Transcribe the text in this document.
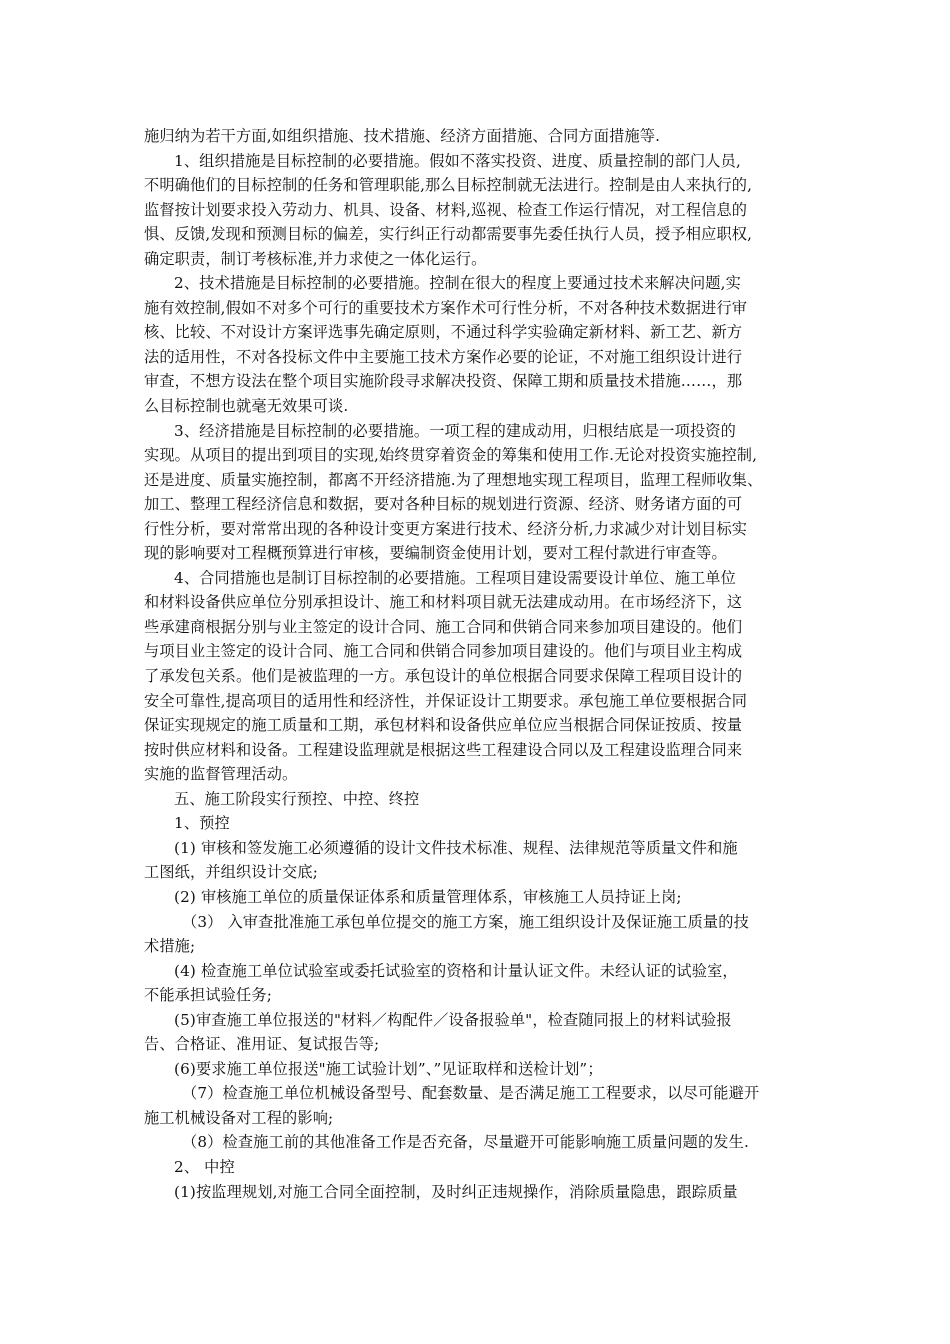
施归纳为若干方面,如组织措施、技术措施、经济方面措施、合同方面措施等.
1、组织措施是目标控制的必要措施。假如不落实投资、进度、质量控制的部门人员,
不明确他们的目标控制的任务和管理职能,那么目标控制就无法进行。控制是由人来执行的,
监督按计划要求投入劳动力、机具、设备、材料,巡视、检查工作运行情况，对工程信息的
惧、反馈,发现和预测目标的偏差，实行纠正行动都需要事先委任执行人员，授予相应职权,
确定职责，制订考核标准,并力求使之一体化运行。
2、技术措施是目标控制的必要措施。控制在很大的程度上要通过技术来解决问题,实
施有效控制,假如不对多个可行的重要技术方案作术可行性分析，不对各种技术数据进行审
核、比较、不对设计方案评选事先确定原则，不通过科学实验确定新材料、新工艺、新方
法的适用性，不对各投标文件中主要施工技术方案作必要的论证，不对施工组织设计进行
审查，不想方设法在整个项目实施阶段寻求解决投资、保障工期和质量技术措施……，那
么目标控制也就毫无效果可谈.
3、经济措施是目标控制的必要措施。一项工程的建成动用，归根结底是一项投资的
实现。从项目的提出到项目的实现,始终贯穿着资金的筹集和使用工作.无论对投资实施控制,
还是进度、质量实施控制，都离不开经济措施.为了理想地实现工程项目，监理工程师收集、
加工、整理工程经济信息和数据，要对各种目标的规划进行资源、经济、财务诸方面的可
行性分析，要对常常出现的各种设计变更方案进行技术、经济分析,力求减少对计划目标实
现的影响要对工程概预算进行审核，要编制资金使用计划，要对工程付款进行审查等。
4、合同措施也是制订目标控制的必要措施。工程项目建设需要设计单位、施工单位
和材料设备供应单位分别承担设计、施工和材料项目就无法建成动用。在市场经济下，这
些承建商根据分别与业主签定的设计合同、施工合同和供销合同来参加项目建设的。他们
与项目业主签定的设计合同、施工合同和供销合同参加项目建设的。他们与项目业主构成
了承发包关系。他们是被监理的一方。承包设计的单位根据合同要求保障工程项目设计的
安全可靠性,提高项目的适用性和经济性，并保证设计工期要求。承包施工单位要根据合同
保证实现规定的施工质量和工期，承包材料和设备供应单位应当根据合同保证按质、按量
按时供应材料和设备。工程建设监理就是根据这些工程建设合同以及工程建设监理合同来
实施的监督管理活动。
五、施工阶段实行预控、中控、终控
1、预控
(1) 审核和签发施工必须遵循的设计文件技术标准、规程、法律规范等质量文件和施
工图纸，并组织设计交底;
(2) 审核施工单位的质量保证体系和质量管理体系，审核施工人员持证上岗;
（3） 入审查批准施工承包单位提交的施工方案，施工组织设计及保证施工质量的技
术措施;
(4) 检查施工单位试验室或委托试验室的资格和计量认证文件。未经认证的试验室，
不能承担试验任务;
(5)审查施工单位报送的"材料／构配件／设备报验单"，检查随同报上的材料试验报
告、合格证、准用证、复试报告等;
(6)要求施工单位报送"施工试验计划”、”见证取样和送检计划”；
（7）检查施工单位机械设备型号、配套数量、是否满足施工工程要求，以尽可能避开
施工机械设备对工程的影响;
（8）检查施工前的其他准备工作是否充备，尽量避开可能影响施工质量问题的发生.
2、 中控
(1)按监理规划,对施工合同全面控制，及时纠正违规操作，消除质量隐患，跟踪质量
